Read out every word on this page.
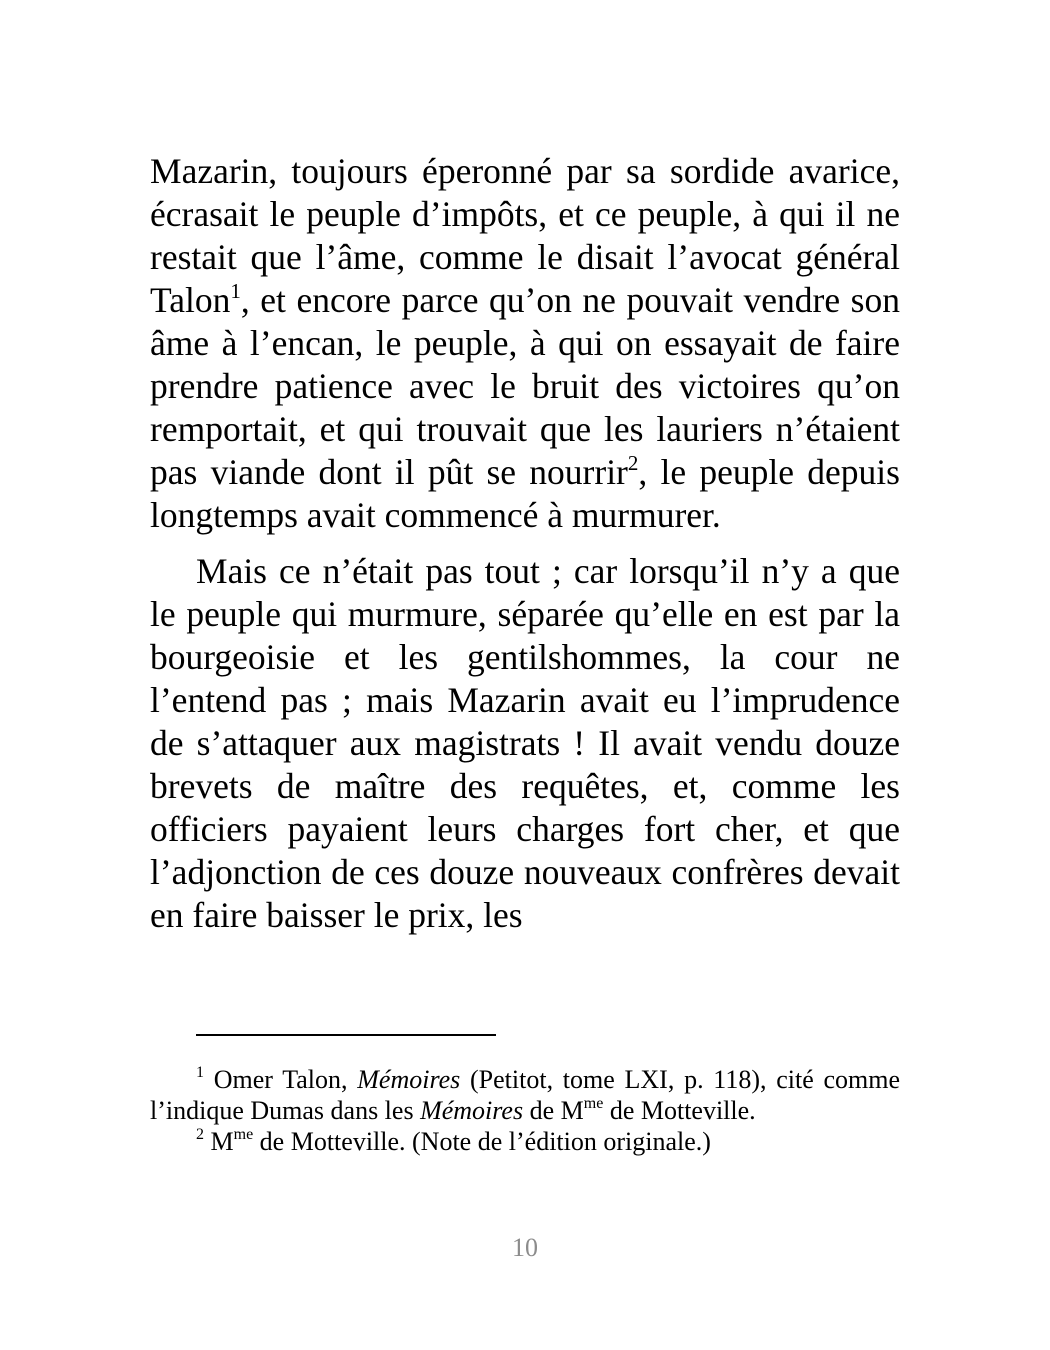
Mazarin, toujours éperonné par sa sordide avarice, écrasait le peuple d’impôts, et ce peuple, à qui il ne restait que l’âme, comme le disait l’avocat général Talon$^1$, et encore parce qu’on ne pouvait vendre son âme à l’encan, le peuple, à qui on essayait de faire prendre patience avec le bruit des victoires qu’on remportait, et qui trouvait que les lauriers n’étaient pas viande dont il pût se nourrir$^2$, le peuple depuis longtemps avait commencé à murmurer.

Mais ce n’était pas tout ; car lorsqu’il n’y a que le peuple qui murmure, séparée qu’elle en est par la bourgeoisie et les gentilshommes, la cour ne l’entend pas ; mais Mazarin avait eu l’imprudence de s’attaquer aux magistrats ! Il avait vendu douze brevets de maître des requêtes, et, comme les officiers payaient leurs charges fort cher, et que l’adjonction de ces douze nouveaux confrères devait en faire baisser le prix, les

$^1$ Omer Talon, Mémoires (Petitot, tome LXI, p. 118), cité comme l’indique Dumas dans les Mémoires de $M^{me}$ de Motteville.

$^2$ $M^{me}$ de Motteville. (Note de l’édition originale.)

10
